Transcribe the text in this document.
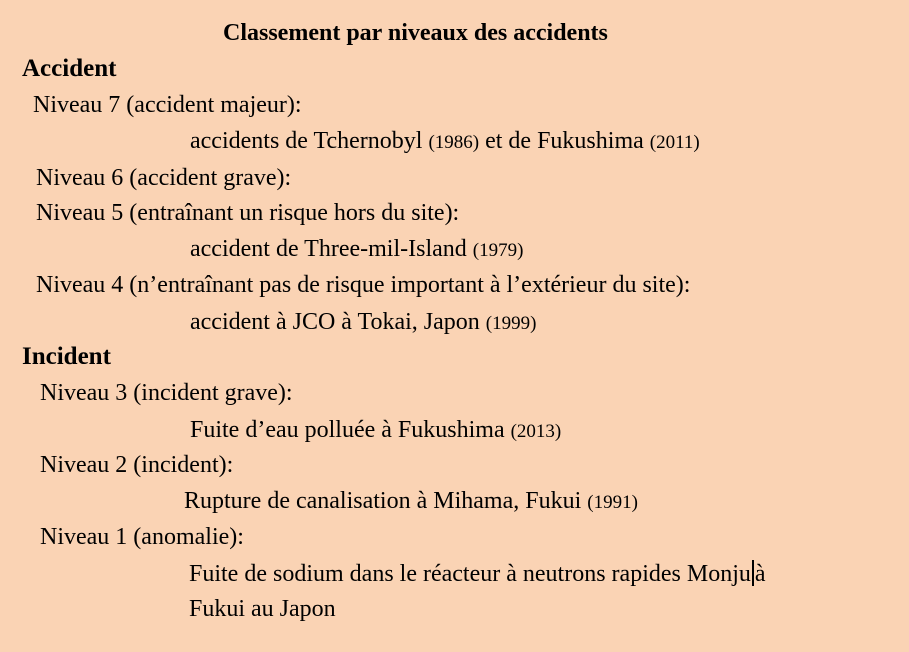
Classement par niveaux des accidents
Accident
Niveau 7 (accident majeur):
accidents de Tchernobyl (1986) et de Fukushima (2011)
Niveau 6 (accident grave):
Niveau 5 (entraînant un risque hors du site):
accident de Three-mil-Island (1979)
Niveau 4 (n’entraînant pas de risque important à l’extérieur du site):
accident à JCO à Tokai, Japon (1999)
Incident
Niveau 3 (incident grave):
Fuite d’eau polluée à Fukushima (2013)
Niveau 2 (incident):
Rupture de canalisation à Mihama, Fukui (1991)
Niveau 1 (anomalie):
Fuite de sodium dans le réacteur à neutrons rapides Monju à
Fukui au Japon
